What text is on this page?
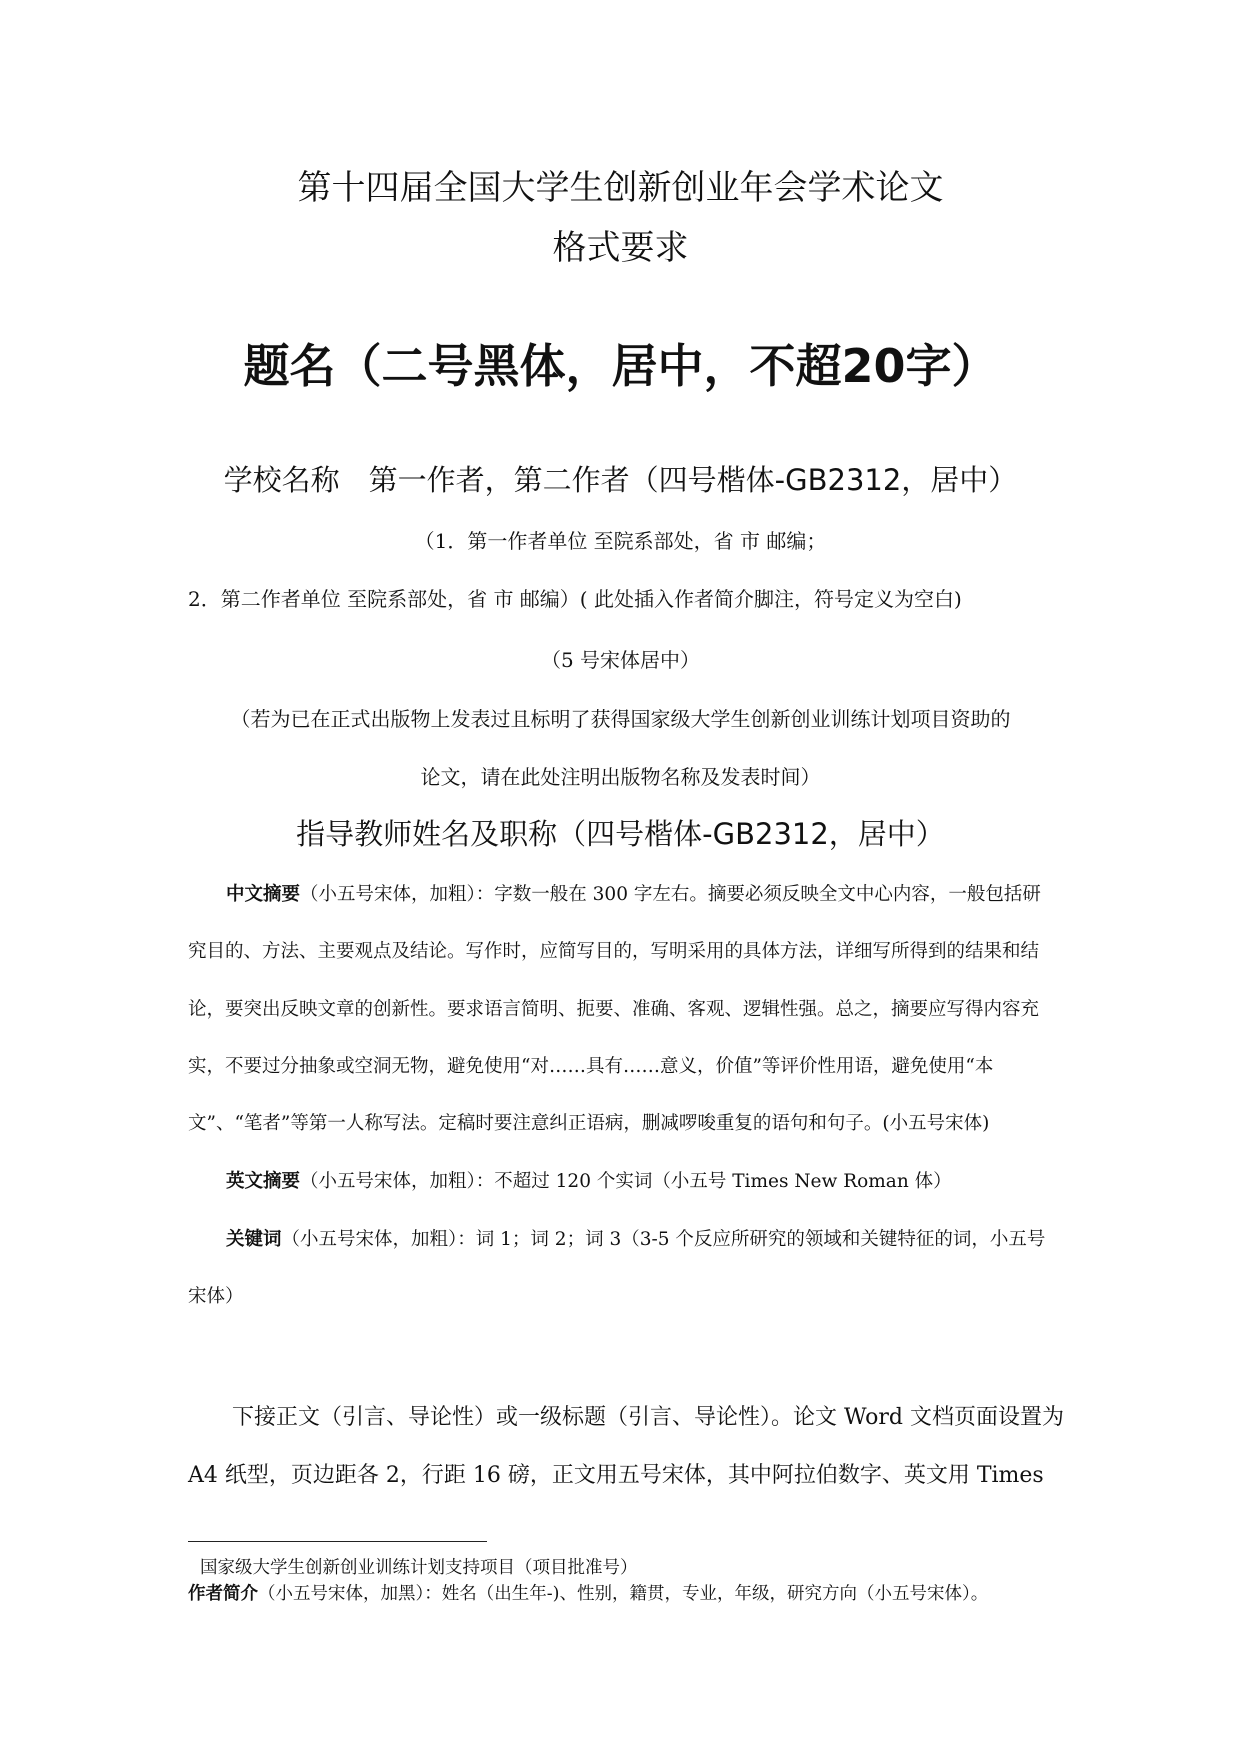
第十四届全国大学生创新创业年会学术论文
格式要求
题名（二号黑体，居中，不超20字）
学校名称　第一作者，第二作者（四号楷体-GB2312，居中）
（1．第一作者单位 至院系部处，省 市 邮编；
2．第二作者单位 至院系部处，省 市 邮编）( 此处插入作者简介脚注，符号定义为空白)
（5 号宋体居中）
（若为已在正式出版物上发表过且标明了获得国家级大学生创新创业训练计划项目资助的
论文，请在此处注明出版物名称及发表时间）
指导教师姓名及职称（四号楷体-GB2312，居中）
中文摘要（小五号宋体，加粗）：字数一般在 300 字左右。摘要必须反映全文中心内容，一般包括研
究目的、方法、主要观点及结论。写作时，应简写目的，写明采用的具体方法，详细写所得到的结果和结
论，要突出反映文章的创新性。要求语言简明、扼要、准确、客观、逻辑性强。总之，摘要应写得内容充
实，不要过分抽象或空洞无物，避免使用“对……具有……意义，价值”等评价性用语，避免使用“本
文”、“笔者”等第一人称写法。定稿时要注意纠正语病，删减啰唆重复的语句和句子。(小五号宋体)
英文摘要（小五号宋体，加粗）：不超过 120 个实词（小五号 Times New Roman 体）
关键词（小五号宋体，加粗）：词 1；词 2；词 3（3-5 个反应所研究的领域和关键特征的词，小五号
宋体）
下接正文（引言、导论性）或一级标题（引言、导论性）。论文 Word 文档页面设置为
A4 纸型，页边距各 2，行距 16 磅，正文用五号宋体，其中阿拉伯数字、英文用 Times
国家级大学生创新创业训练计划支持项目（项目批准号）
作者简介（小五号宋体，加黑）：姓名（出生年-)、性别，籍贯，专业，年级，研究方向（小五号宋体）。
